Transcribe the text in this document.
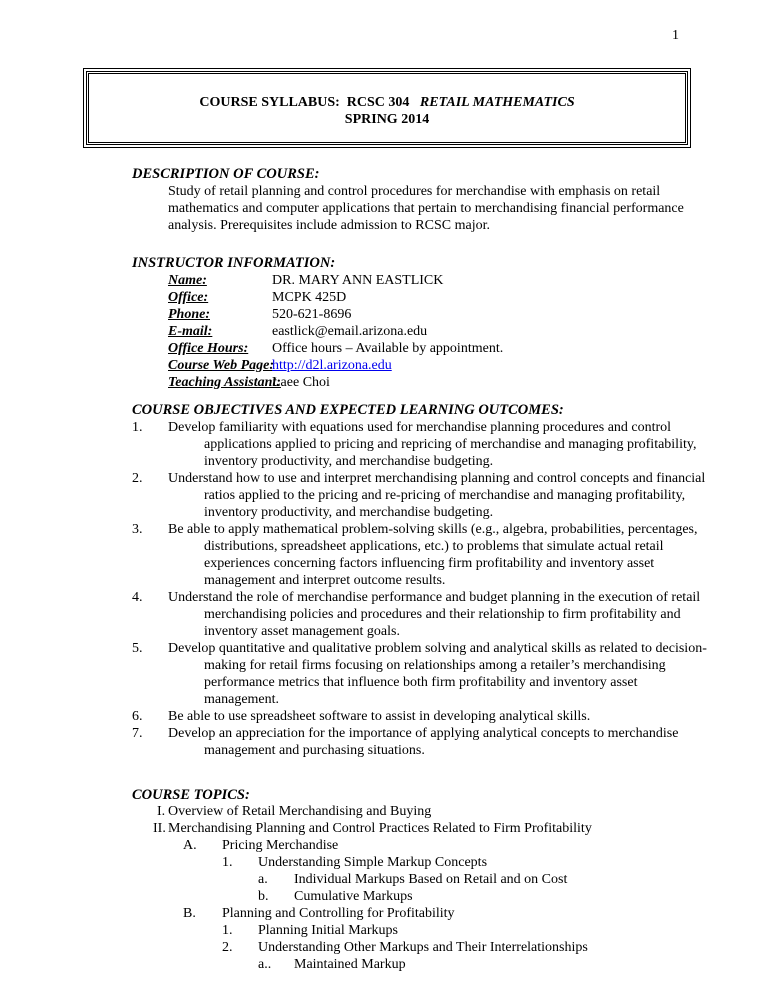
1
COURSE SYLLABUS:  RCSC 304   RETAIL MATHEMATICS
SPRING 2014
DESCRIPTION OF COURSE:
Study of retail planning and control procedures for merchandise with emphasis on retail
mathematics and computer applications that pertain to merchandising financial performance
analysis. Prerequisites include admission to RCSC major.
INSTRUCTOR INFORMATION:
Name:	DR. MARY ANN EASTLICK
Office:	MCPK 425D
Phone:	520-621-8696
E-mail:	eastlick@email.arizona.edu
Office Hours: Office hours – Available by appointment.
Course Web Page:
http://d2l.arizona.edu
Teaching Assistant:
Laee Choi
COURSE OBJECTIVES AND EXPECTED LEARNING OUTCOMES:
1. Develop familiarity with equations used for merchandise planning procedures and control
applications applied to pricing and repricing of merchandise and managing profitability,
inventory productivity, and merchandise budgeting.
2. Understand how to use and interpret merchandising planning and control concepts and financial
ratios applied to the pricing and re-pricing of merchandise and managing profitability,
inventory productivity, and merchandise budgeting.
3. Be able to apply mathematical problem-solving skills (e.g., algebra, probabilities, percentages,
distributions, spreadsheet applications, etc.) to problems that simulate actual retail
experiences concerning factors influencing firm profitability and inventory asset
management and interpret outcome results.
4. Understand the role of merchandise performance and budget planning in the execution of retail
merchandising policies and procedures and their relationship to firm profitability and
inventory asset management goals.
5. Develop quantitative and qualitative problem solving and analytical skills as related to decision-
making for retail firms focusing on relationships among a retailer’s merchandising
performance metrics that influence both firm profitability and inventory asset
management.
6. Be able to use spreadsheet software to assist in developing analytical skills.
7. Develop an appreciation for the importance of applying analytical concepts to merchandise
management and purchasing situations.
COURSE TOPICS:
I. Overview of Retail Merchandising and Buying
II. Merchandising Planning and Control Practices Related to Firm Profitability
A. Pricing Merchandise
1. Understanding Simple Markup Concepts
a. Individual Markups Based on Retail and on Cost
b. Cumulative Markups
B. Planning and Controlling for Profitability
1. Planning Initial Markups
2. Understanding Other Markups and Their Interrelationships
a.. Maintained Markup
